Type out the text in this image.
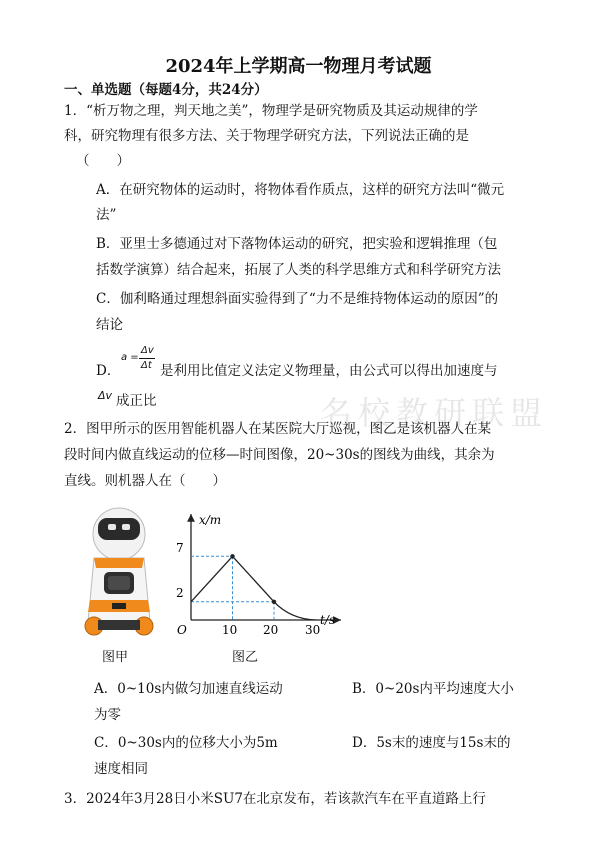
2024年上学期高一物理月考试题
一、单选题（每题4分，共24分）
1．“析万物之理，判天地之美”，物理学是研究物质及其运动规律的学
科，研究物理有很多方法、关于物理学研究方法，下列说法正确的是
（　　）
A．在研究物体的运动时，将物体看作质点，这样的研究方法叫“微元
法”
B．亚里士多德通过对下落物体运动的研究，把实验和逻辑推理（包
括数学演算）结合起来，拓展了人类的科学思维方式和科学研究方法
C．伽利略通过理想斜面实验得到了“力不是维持物体运动的原因”的
结论
D．
a =
Δv
Δt 是利用比值定义法定义物理量，由公式可以得出加速度与
Δv 成正比	名校教研联盟
2．图甲所示的医用智能机器人在某医院大厅巡视，图乙是该机器人在某
段时间内做直线运动的位移—时间图像，20~30s的图线为曲线，其余为
直线。则机器人在（　　）
x/m
t/s
O
7
2
10 20 30
图甲	图乙
A．0~10s内做匀加速直线运动	B．0~20s内平均速度大小
为零
C．0~30s内的位移大小为5m	D．5s末的速度与15s末的
速度相同
3．2024年3月28日小米SU7在北京发布，若该款汽车在平直道路上行
